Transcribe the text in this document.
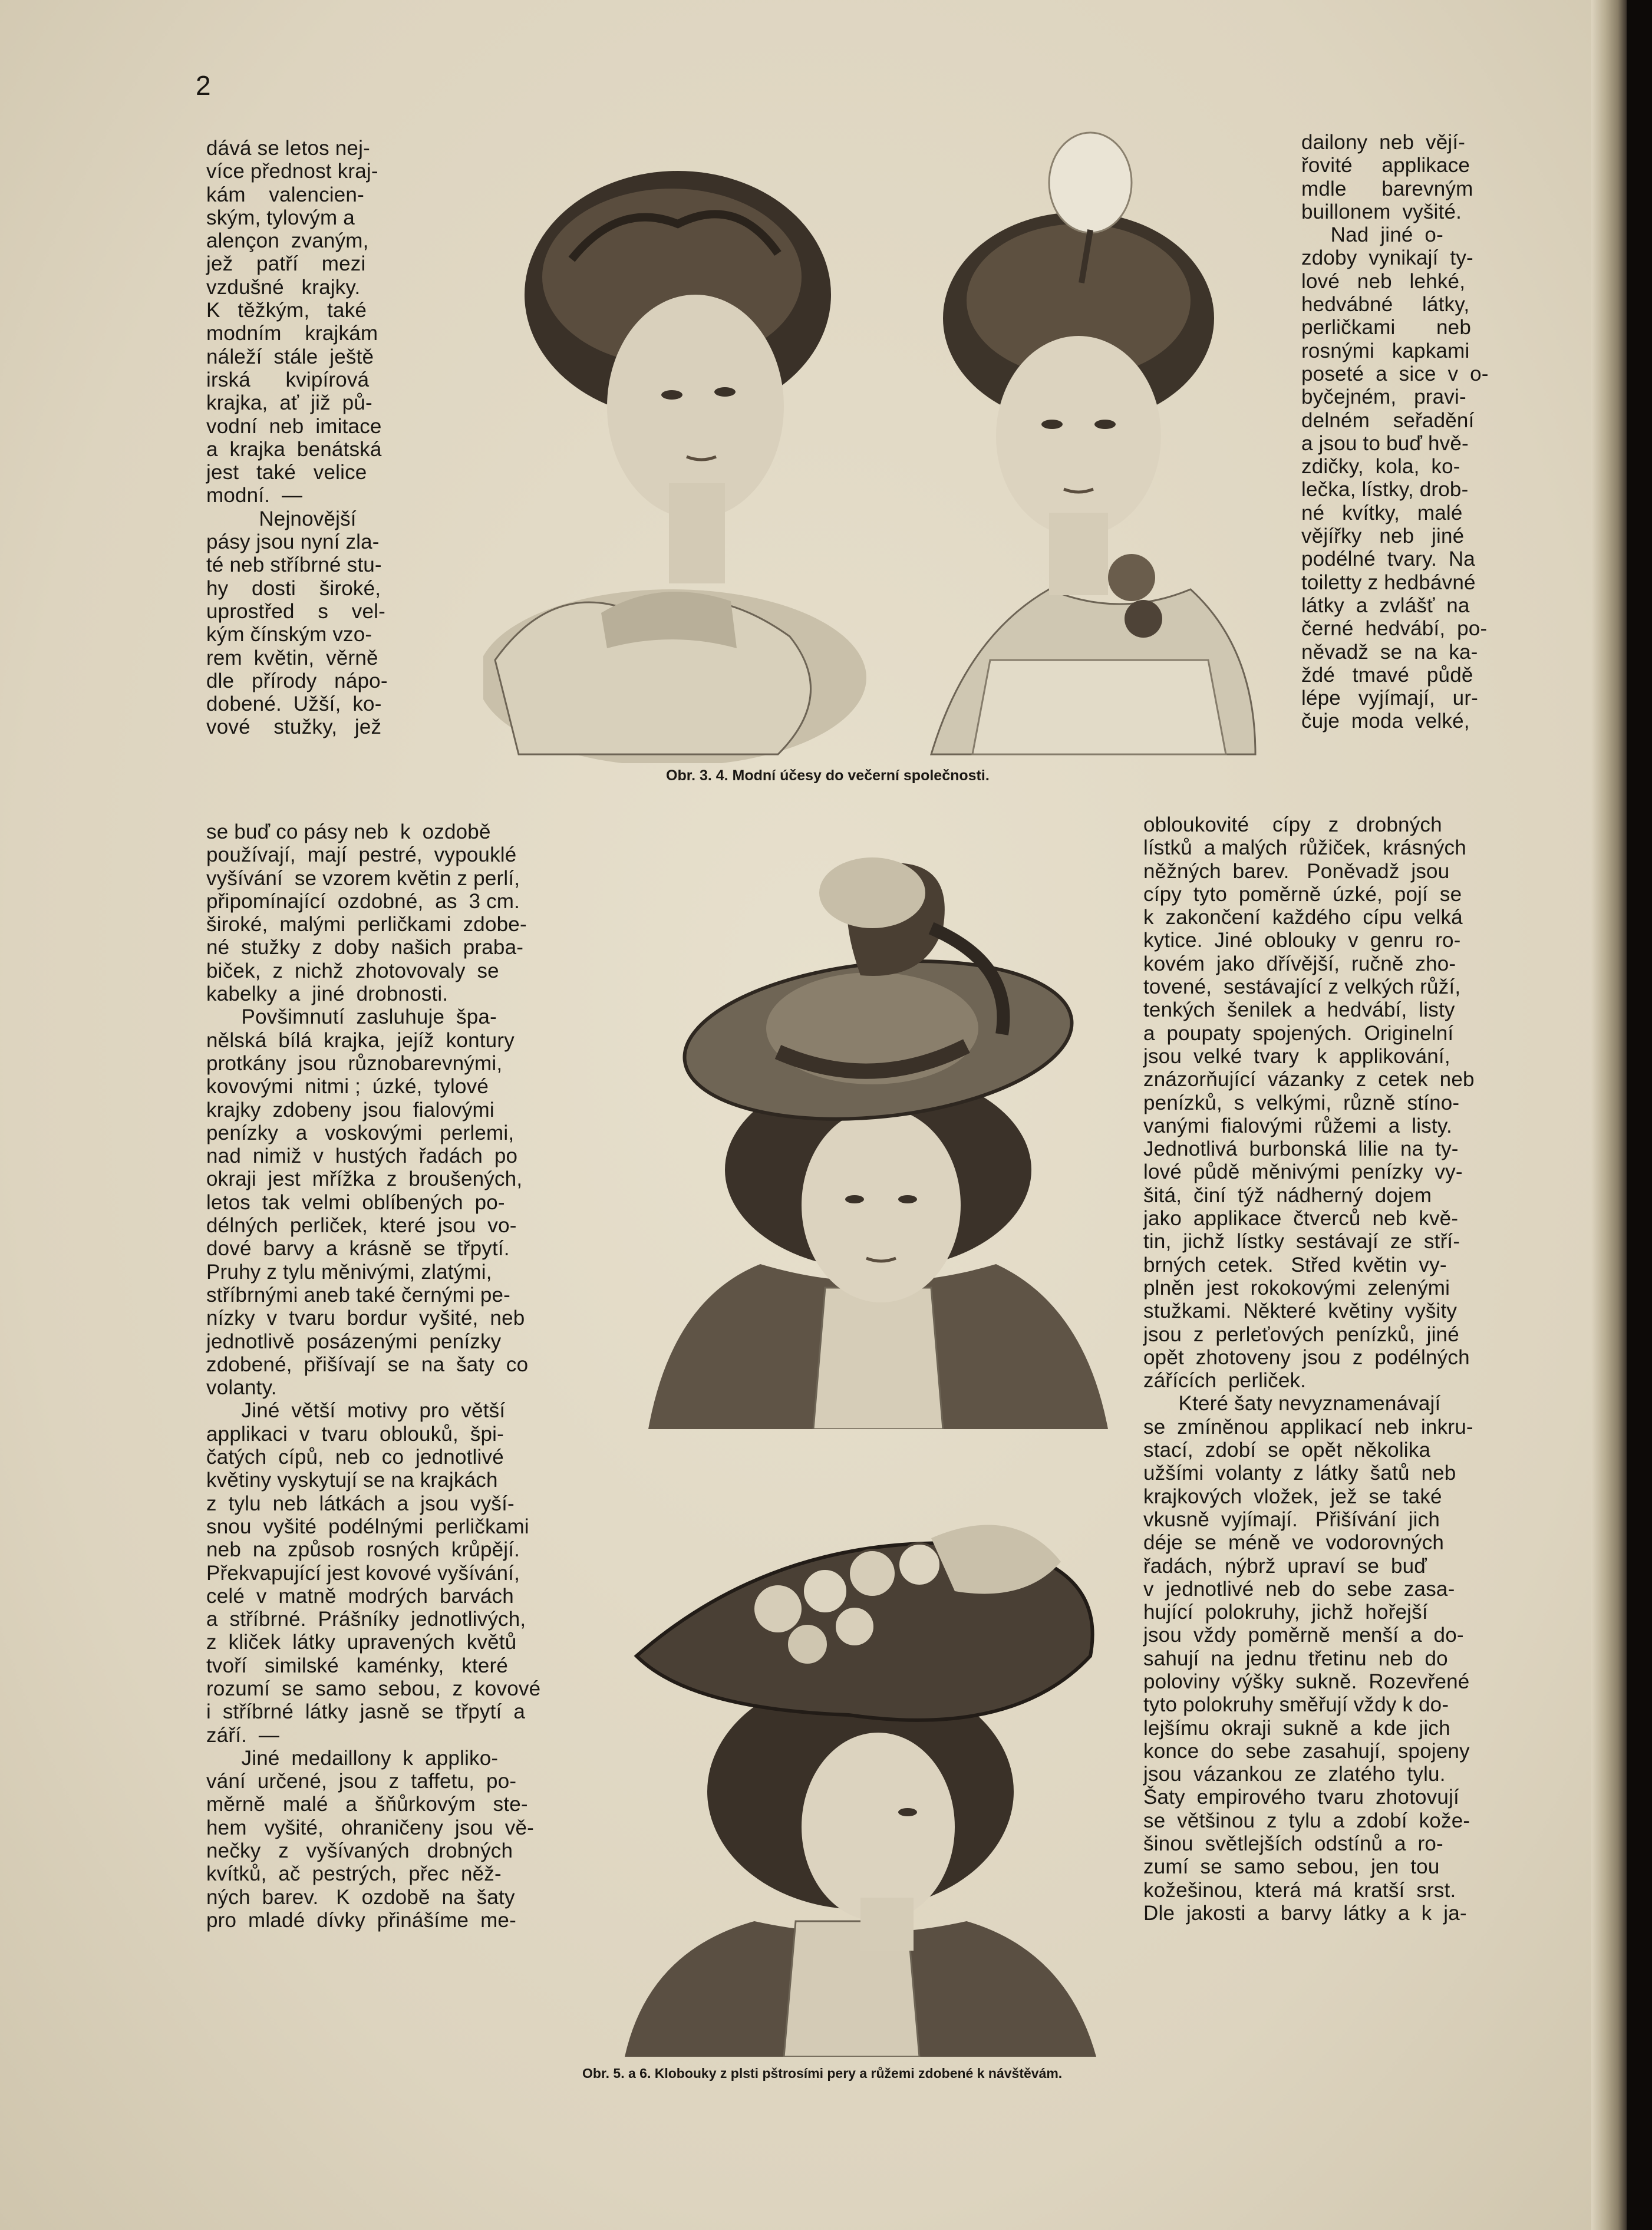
2
dává se letos nej-
více přednost kraj-
kám    valencien-
ským, tylovým a
alençon  zvaným,
jež    patří    mezi
vzdušné   krajky.
K   těžkým,   také
modním    krajkám
náleží  stále  ještě
irská      kvipírová
krajka,  ať  již  pů-
vodní  neb  imitace
a  krajka  benátská
jest   také   velice
modní.  —
Nejnovější
pásy jsou nyní zla-
té neb stříbrné stu-
hy    dosti    široké,
uprostřed    s    vel-
kým čínským vzo-
rem  květin,  věrně
dle   přírody   nápo-
dobené.  Užší,  ko-
vové    stužky,   jež
se buď co pásy neb  k  ozdobě
používají,  mají  pestré,  vypouklé
vyšívání  se vzorem květin z perlí,
připomínající  ozdobné,  as  3 cm.
široké,  malými  perličkami  zdobe-
né  stužky  z  doby  našich  praba-
biček,  z  nichž  zhotovovaly  se
kabelky  a  jiné  drobnosti.
Povšimnutí  zasluhuje  špa-
nělská  bílá  krajka,  jejíž  kontury
protkány  jsou  různobarevnými,
kovovými  nitmi ;  úzké,  tylové
krajky  zdobeny  jsou  fialovými
penízky   a   voskovými   perlemi,
nad  nimiž  v  hustých  řadách  po
okraji  jest  mřížka  z  broušených,
letos  tak  velmi  oblíbených  po-
délných  perliček,  které  jsou  vo-
dové  barvy  a  krásně  se  třpytí.
Pruhy z tylu měnivými, zlatými,
stříbrnými aneb také černými pe-
nízky  v  tvaru  bordur  vyšité,  neb
jednotlivě  posázenými  penízky
zdobené,  přišívají  se  na  šaty  co
volanty.
Jiné  větší  motivy  pro  větší
applikaci  v  tvaru  oblouků,  špi-
čatých  cípů,  neb  co  jednotlivé
květiny vyskytují se na krajkách
z  tylu  neb  látkách  a  jsou  vyší-
snou  vyšité  podélnými  perličkami
neb  na  způsob  rosných  krůpějí.
Překvapující jest kovové vyšívání,
celé  v  matně  modrých  barvách
a  stříbrné.  Prášníky  jednotlivých,
z  kliček  látky  upravených  květů
tvoří   similské   kaménky,   které
rozumí  se  samo  sebou,  z  kovové
i  stříbrné  látky  jasně  se  třpytí  a
září.  —
Jiné  medaillony  k  appliko-
vání  určené,  jsou  z  taffetu,  po-
měrně   malé   a   šňůrkovým   ste-
hem   vyšité,   ohraničeny  jsou  vě-
nečky   z   vyšívaných   drobných
kvítků,  ač  pestrých,  přec  něž-
ných  barev.   K  ozdobě  na  šaty
pro  mladé  dívky  přinášíme  me-
dailony  neb  vějí-
řovité     applikace
mdle      barevným
buillonem  vyšité.
Nad  jiné  o-
zdoby  vynikají  ty-
lové   neb   lehké,
hedvábné     látky,
perličkami       neb
rosnými   kapkami
poseté  a  sice  v  o-
byčejném,   pravi-
delném    seřadění
a jsou to buď hvě-
zdičky,  kola,  ko-
lečka, lístky, drob-
né   kvítky,   malé
vějířky   neb   jiné
podélné  tvary.  Na
toiletty z hedbávné
látky  a  zvlášť  na
černé  hedvábí,  po-
něvadž  se  na  ka-
ždé   tmavé   půdě
lépe   vyjímají,   ur-
čuje  moda  velké,
obloukovité    cípy   z   drobných
lístků  a malých  růžiček,  krásných
něžných  barev.   Poněvadž  jsou
cípy  tyto  poměrně  úzké,  pojí  se
k  zakončení  každého  cípu  velká
kytice.  Jiné  oblouky  v  genru  ro-
kovém  jako  dřívější,  ručně  zho-
tovené,  sestávající z velkých růží,
tenkých  šenilek  a  hedvábí,  listy
a  poupaty  spojených.  Originelní
jsou  velké  tvary   k  applikování,
znázorňující  vázanky  z  cetek  neb
penízků,  s  velkými,  různě  stíno-
vanými  fialovými  růžemi  a  listy.
Jednotlivá  burbonská  lilie  na  ty-
lové  půdě  měnivými  penízky  vy-
šitá,  činí  týž  nádherný  dojem
jako  applikace  čtverců  neb  kvě-
tin,  jichž  lístky  sestávají  ze  stří-
brných  cetek.   Střed  květin  vy-
plněn  jest  rokokovými  zelenými
stužkami.  Některé  květiny  vyšity
jsou  z  perleťových  penízků,  jiné
opět  zhotoveny  jsou  z  podélných
zářících  perliček.
Které šaty nevyznamenávají
se  zmíněnou  applikací  neb  inkru-
stací,  zdobí  se  opět  několika
užšími  volanty  z  látky  šatů  neb
krajkových  vložek,  jež  se  také
vkusně  vyjímají.   Přišívání  jich
déje  se  méně  ve  vodorovných
řadách,  nýbrž  upraví  se  buď
v  jednotlivé  neb  do  sebe  zasa-
hující  polokruhy,  jichž  hořejší
jsou  vždy  poměrně  menší  a  do-
sahují  na  jednu  třetinu  neb  do
poloviny  výšky  sukně.  Rozevřené
tyto polokruhy směřují vždy k do-
lejšímu  okraji  sukně  a  kde  jich
konce  do  sebe  zasahují,  spojeny
jsou  vázankou  ze  zlatého  tylu.
Šaty  empirového  tvaru  zhotovují
se  většinou  z  tylu  a  zdobí  kože-
šinou  světlejších  odstínů  a  ro-
zumí  se  samo  sebou,  jen  tou
kožešinou,  která  má  kratší  srst.
Dle  jakosti  a  barvy  látky  a  k  ja-
Obr. 3. 4. Modní účesy do večerní společnosti.
Obr. 5. a 6. Klobouky z plsti pštrosími pery a růžemi zdobené k návštěvám.
